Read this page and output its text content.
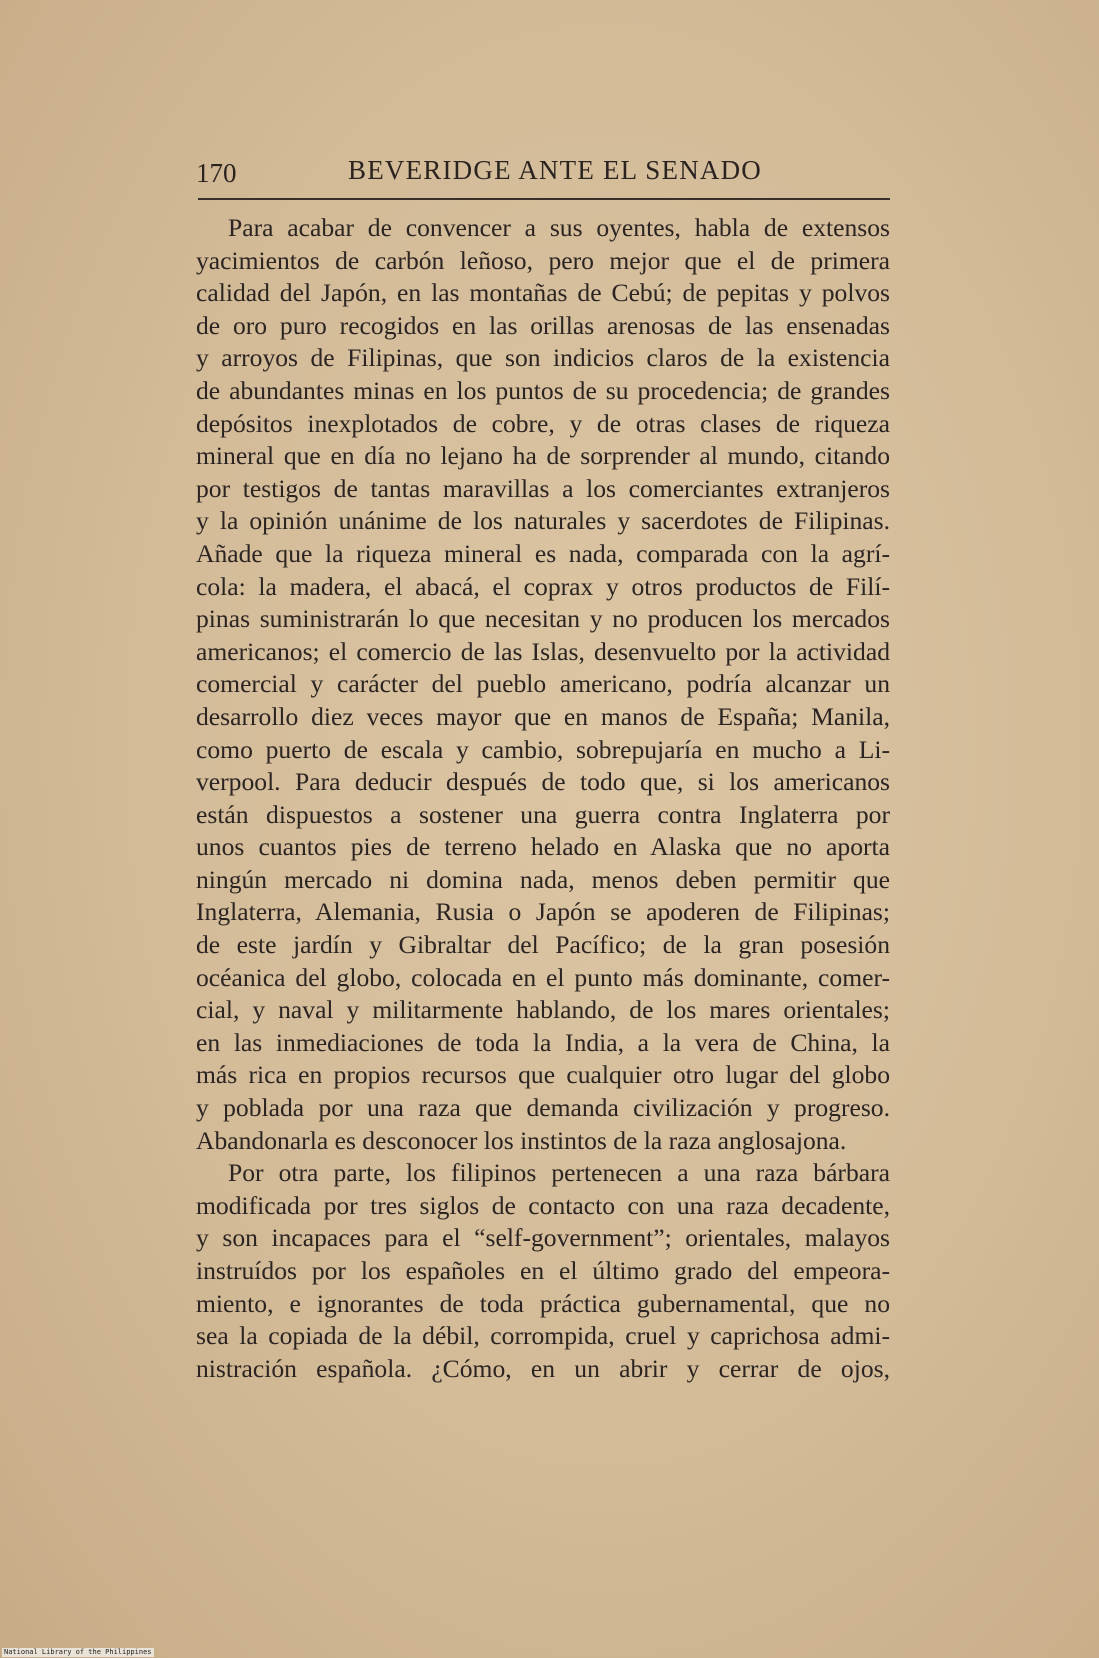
170	BEVERIDGE ANTE EL SENADO
Para acabar de convencer a sus oyentes, habla de extensos
yacimientos de carbón leñoso, pero mejor que el de primera
calidad del Japón, en las montañas de Cebú; de pepitas y polvos
de oro puro recogidos en las orillas arenosas de las ensenadas
y arroyos de Filipinas, que son indicios claros de la existencia
de abundantes minas en los puntos de su procedencia; de grandes
depósitos inexplotados de cobre, y de otras clases de riqueza
mineral que en día no lejano ha de sorprender al mundo, citando
por testigos de tantas maravillas a los comerciantes extranjeros
y la opinión unánime de los naturales y sacerdotes de Filipinas.
Añade que la riqueza mineral es nada, comparada con la agrí-
cola: la madera, el abacá, el coprax y otros productos de Filí-
pinas suministrarán lo que necesitan y no producen los mercados
americanos; el comercio de las Islas, desenvuelto por la actividad
comercial y carácter del pueblo americano, podría alcanzar un
desarrollo diez veces mayor que en manos de España; Manila,
como puerto de escala y cambio, sobrepujaría en mucho a Li-
verpool. Para deducir después de todo que, si los americanos
están dispuestos a sostener una guerra contra Inglaterra por
unos cuantos pies de terreno helado en Alaska que no aporta
ningún mercado ni domina nada, menos deben permitir que
Inglaterra, Alemania, Rusia o Japón se apoderen de Filipinas;
de este jardín y Gibraltar del Pacífico; de la gran posesión
océanica del globo, colocada en el punto más dominante, comer-
cial, y naval y militarmente hablando, de los mares orientales;
en las inmediaciones de toda la India, a la vera de China, la
más rica en propios recursos que cualquier otro lugar del globo
y poblada por una raza que demanda civilización y progreso.
Abandonarla es desconocer los instintos de la raza anglosajona.
Por otra parte, los filipinos pertenecen a una raza bárbara
modificada por tres siglos de contacto con una raza decadente,
y son incapaces para el “self-government”; orientales, malayos
instruídos por los españoles en el último grado del empeora-
miento, e ignorantes de toda práctica gubernamental, que no
sea la copiada de la débil, corrompida, cruel y caprichosa admi-
nistración española. ¿Cómo, en un abrir y cerrar de ojos,
National Library of the Philippines
